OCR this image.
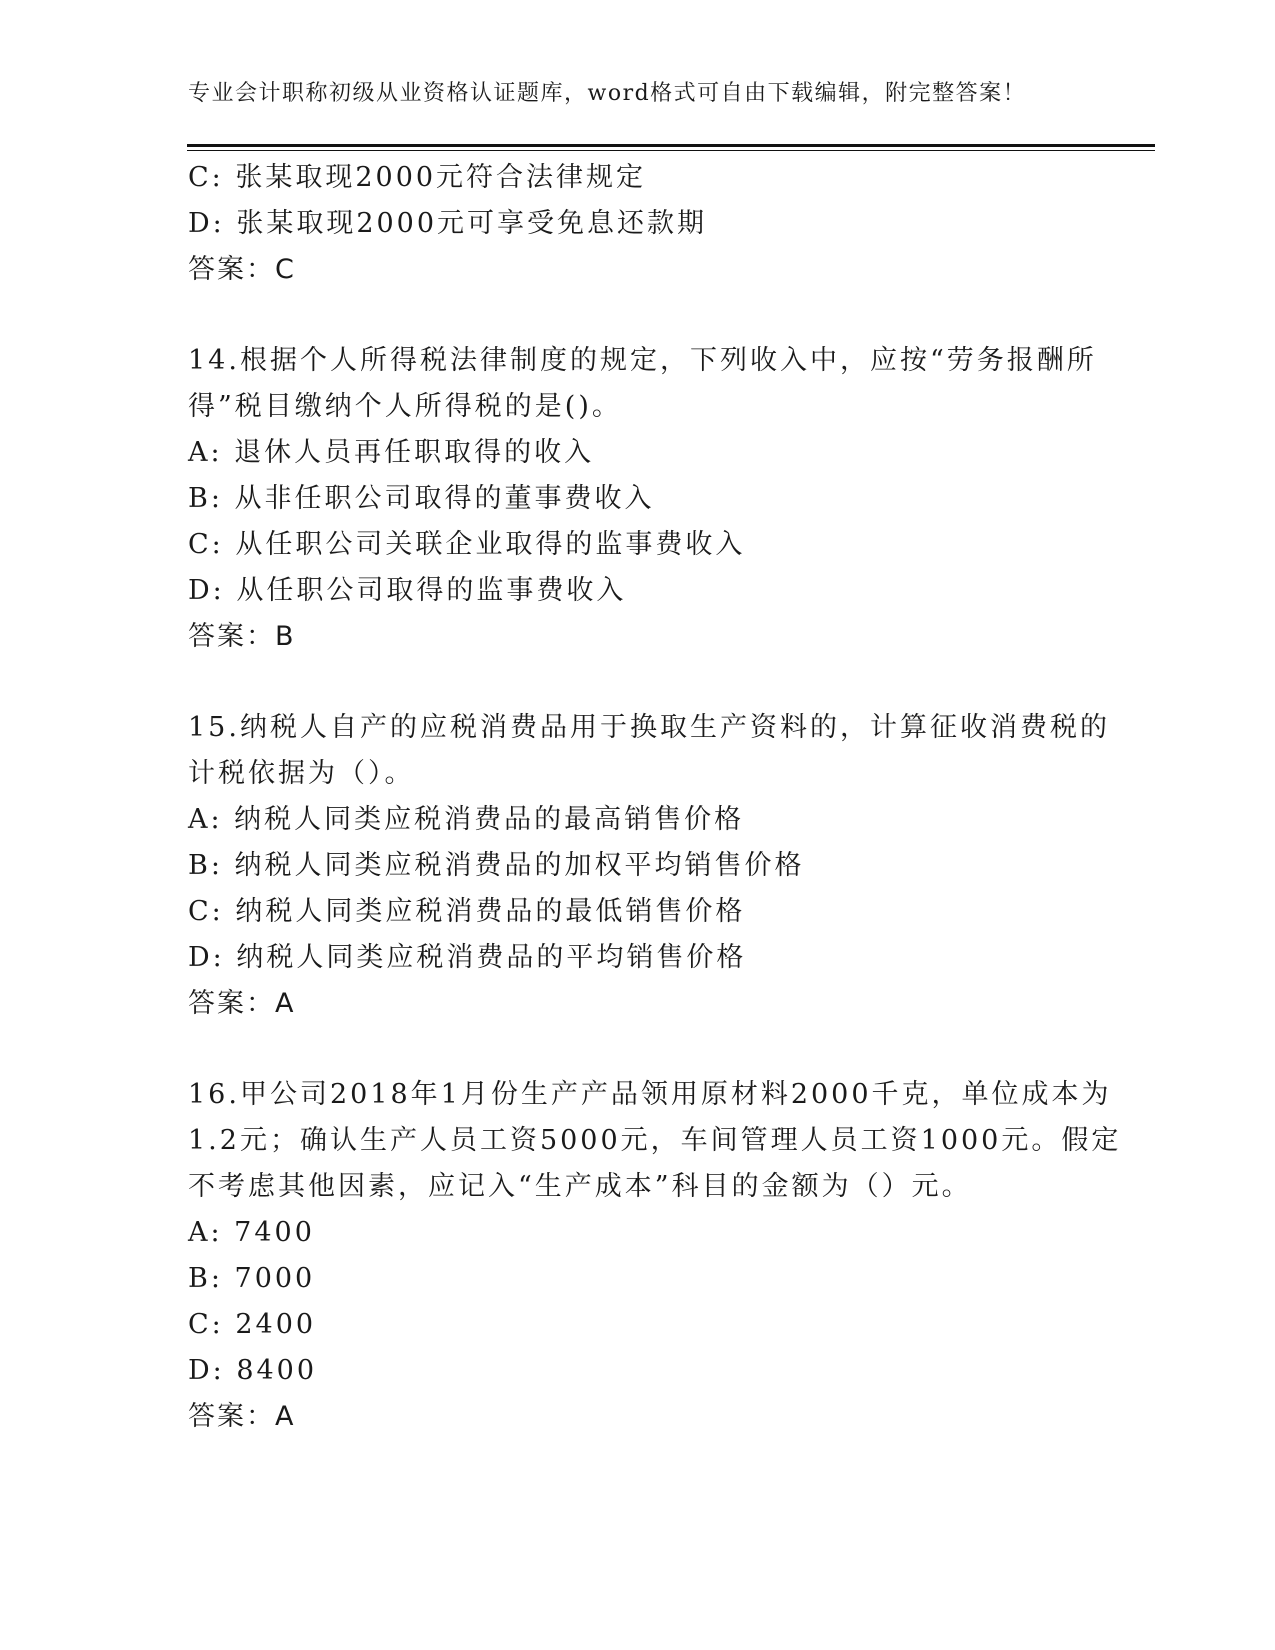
专业会计职称初级从业资格认证题库，word格式可自由下载编辑，附完整答案！
C: 张某取现2000元符合法律规定
D: 张某取现2000元可享受免息还款期
答案：C
14.根据个人所得税法律制度的规定，下列收入中，应按“劳务报酬所
得”税目缴纳个人所得税的是()。
A: 退休人员再任职取得的收入
B: 从非任职公司取得的董事费收入
C: 从任职公司关联企业取得的监事费收入
D: 从任职公司取得的监事费收入
答案：B
15.纳税人自产的应税消费品用于换取生产资料的，计算征收消费税的
计税依据为（）。
A: 纳税人同类应税消费品的最高销售价格
B: 纳税人同类应税消费品的加权平均销售价格
C: 纳税人同类应税消费品的最低销售价格
D: 纳税人同类应税消费品的平均销售价格
答案：A
16.甲公司2018年1月份生产产品领用原材料2000千克，单位成本为
1.2元；确认生产人员工资5000元，车间管理人员工资1000元。假定
不考虑其他因素，应记入“生产成本”科目的金额为（）元。
A: 7400
B: 7000
C: 2400
D: 8400
答案：A
